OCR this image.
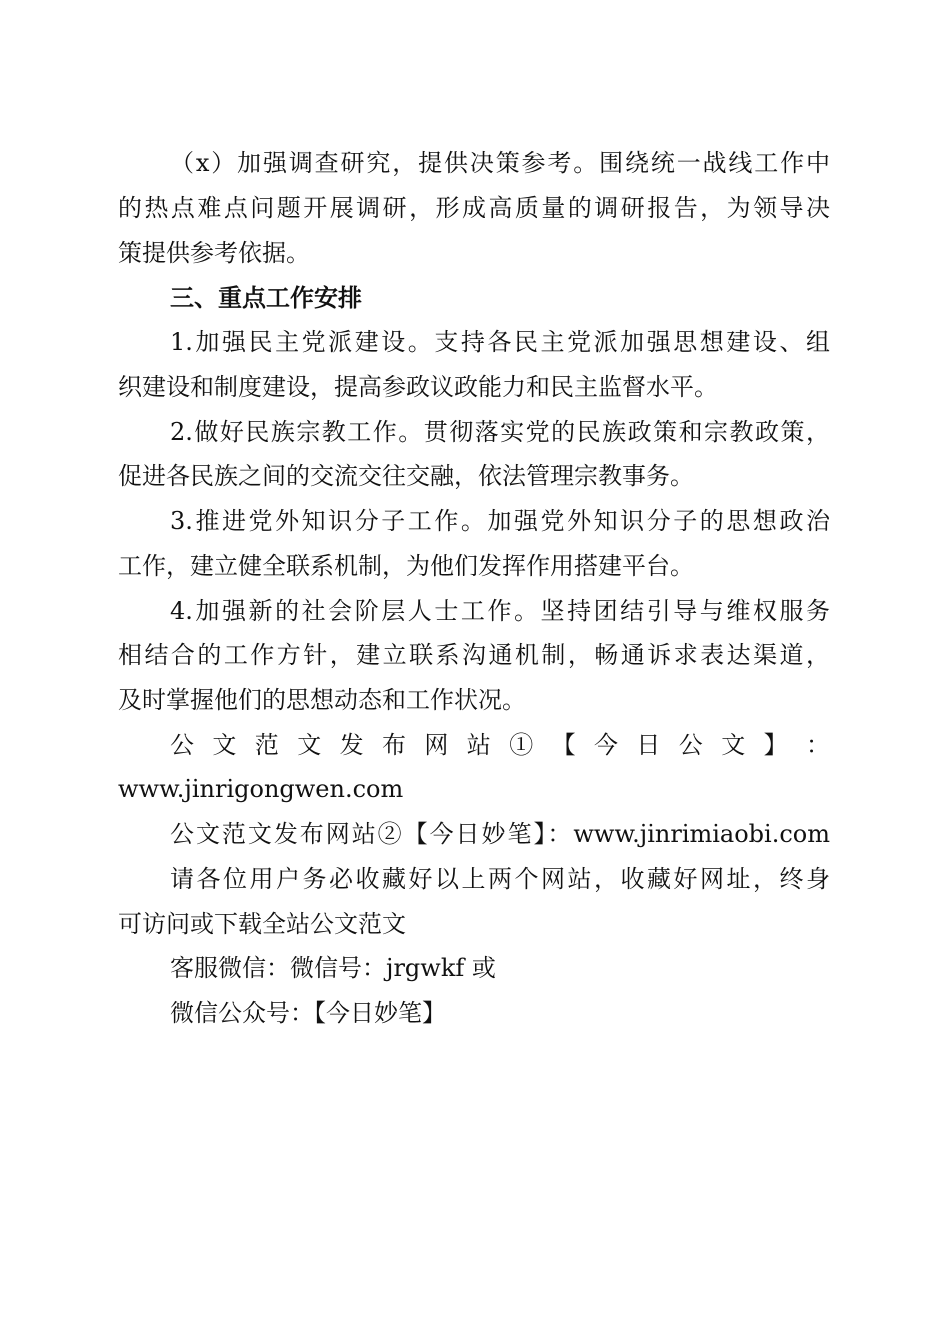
（x）加强调查研究，提供决策参考。围绕统一战线工作中
的热点难点问题开展调研，形成高质量的调研报告，为领导决
策提供参考依据。
三、重点工作安排
1.加强民主党派建设。支持各民主党派加强思想建设、组
织建设和制度建设，提高参政议政能力和民主监督水平。
2.做好民族宗教工作。贯彻落实党的民族政策和宗教政策，
促进各民族之间的交流交往交融，依法管理宗教事务。
3.推进党外知识分子工作。加强党外知识分子的思想政治
工作，建立健全联系机制，为他们发挥作用搭建平台。
4.加强新的社会阶层人士工作。坚持团结引导与维权服务
相结合的工作方针，建立联系沟通机制，畅通诉求表达渠道，
及时掌握他们的思想动态和工作状况。
公 文 范 文 发 布 网 站 ① 【 今 日 公 文 】 ：
www.jinrigongwen.com
公文范文发布网站②【今日妙笔】：www.jinrimiaobi.com
请各位用户务必收藏好以上两个网站，收藏好网址，终身
可访问或下载全站公文范文
客服微信：微信号：jrgwkf 或
微信公众号：【今日妙笔】
